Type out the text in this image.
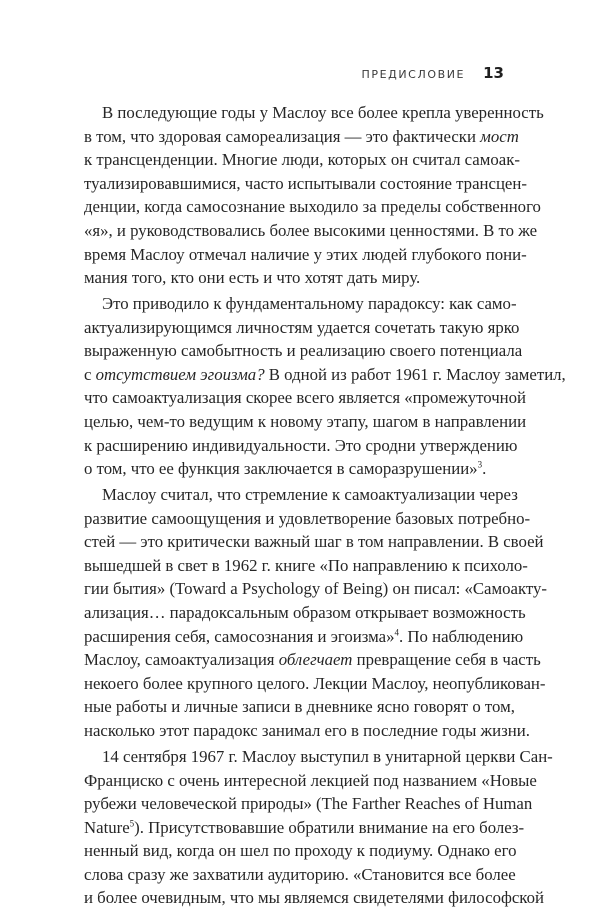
ПРЕДИСЛОВИЕ 13
В последующие годы у Маслоу все более крепла уверенность
в том, что здоровая самореализация — это фактически мост
к трансценденции. Многие люди, которых он считал самоак-
туализировавшимися, часто испытывали состояние трансцен-
денции, когда самосознание выходило за пределы собственного
«я», и руководствовались более высокими ценностями. В то же
время Маслоу отмечал наличие у этих людей глубокого пони-
мания того, кто они есть и что хотят дать миру.
Это приводило к фундаментальному парадоксу: как само-
актуализирующимся личностям удается сочетать такую ярко
выраженную самобытность и реализацию своего потенциала
с отсутствием эгоизма? В одной из работ 1961 г. Маслоу заметил,
что самоактуализация скорее всего является «промежуточной
целью, чем-то ведущим к новому этапу, шагом в направлении
к расширению индивидуальности. Это сродни утверждению
о том, что ее функция заключается в саморазрушении»$^3$.
Маслоу считал, что стремление к самоактуализации через
развитие самоощущения и удовлетворение базовых потребно-
стей — это критически важный шаг в том направлении. В своей
вышедшей в свет в 1962 г. книге «По направлению к психоло-
гии бытия» (Toward a Psychology of Being) он писал: «Самоакту-
ализация… парадоксальным образом открывает возможность
расширения себя, самосознания и эгоизма»$^4$. По наблюдению
Маслоу, самоактуализация облегчает превращение себя в часть
некоего более крупного целого. Лекции Маслоу, неопубликован-
ные работы и личные записи в дневнике ясно говорят о том,
насколько этот парадокс занимал его в последние годы жизни.
14 сентября 1967 г. Маслоу выступил в унитарной церкви Сан-
Франциско с очень интересной лекцией под названием «Новые
рубежи человеческой природы» (The Farther Reaches of Human
Nature$^5$). Присутствовавшие обратили внимание на его болез-
ненный вид, когда он шел по проходу к подиуму. Однако его
слова сразу же захватили аудиторию. «Становится все более
и более очевидным, что мы являемся свидетелями философской
